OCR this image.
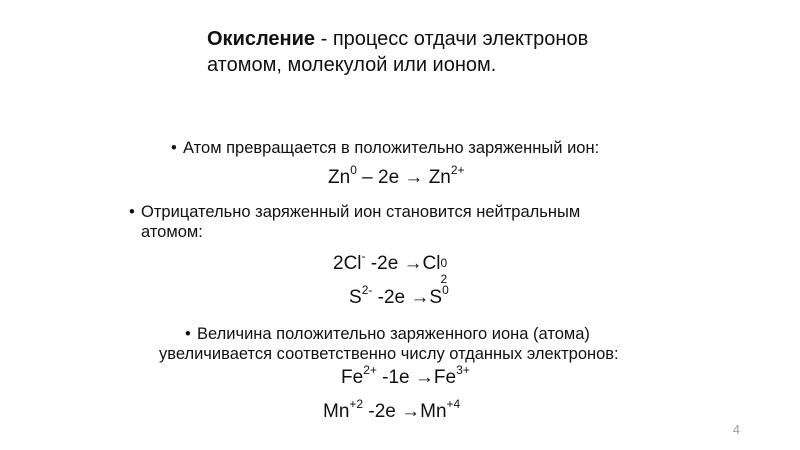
Окисление - процесс отдачи электронов
атомом, молекулой или ионом.
• Атом превращается в положительно заряженный ион:
$Zn^0 - 2e \to Zn^{2+}$
• Отрицательно заряженный ион становится нейтральным
атомом:
2Cl- -2e →Cl 0
2
$S^{2-}$ $-2e \to S^0$
• Величина положительно заряженного иона (атома)
увеличивается соответственно числу отданных электронов:
$Fe^{2+}$ $-1e \to Fe^{3+}$
$Mn^{+2}$ $-2e \to Mn^{+4}$
4
